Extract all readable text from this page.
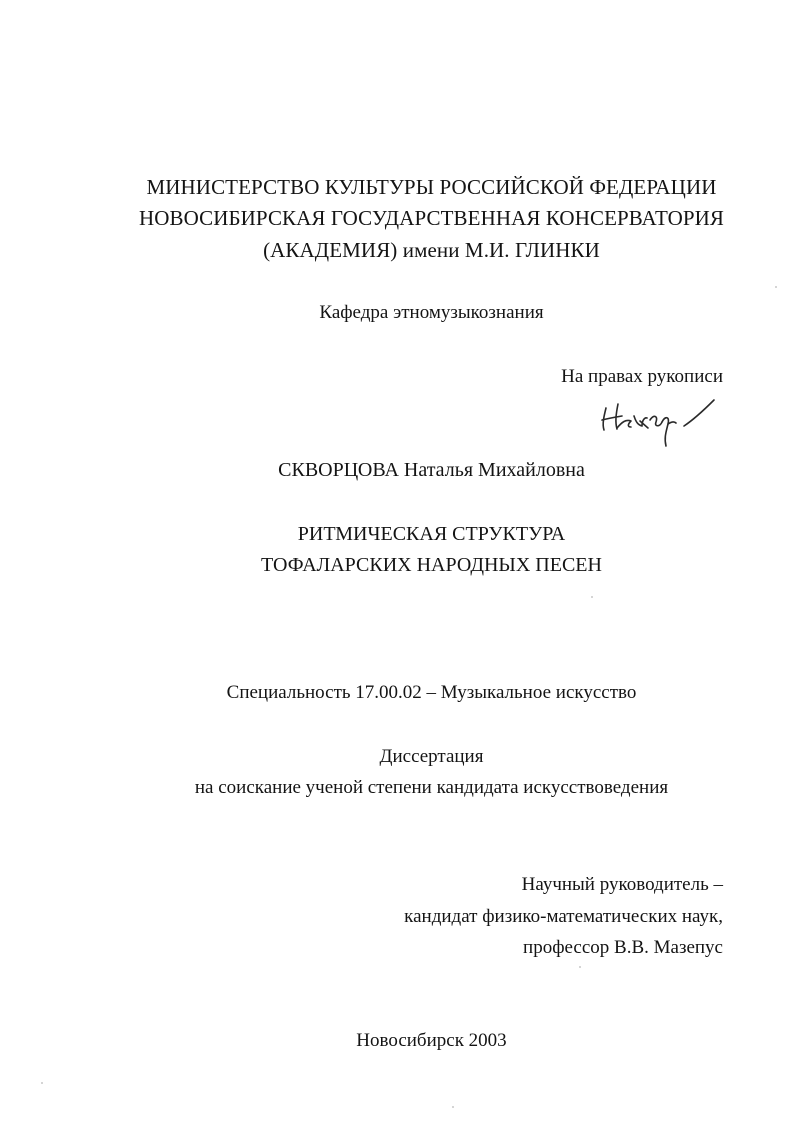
МИНИСТЕРСТВО КУЛЬТУРЫ РОССИЙСКОЙ ФЕДЕРАЦИИ
НОВОСИБИРСКАЯ ГОСУДАРСТВЕННАЯ КОНСЕРВАТОРИЯ
(АКАДЕМИЯ) имени М.И. ГЛИНКИ
Кафедра этномузыкознания
На правах рукописи
СКВОРЦОВА Наталья Михайловна
РИТМИЧЕСКАЯ СТРУКТУРА
ТОФАЛАРСКИХ НАРОДНЫХ ПЕСЕН
Специальность 17.00.02 – Музыкальное искусство
Диссертация
на соискание ученой степени кандидата искусствоведения
Научный руководитель –
кандидат физико-математических наук,
профессор В.В. Мазепус
Новосибирск 2003
